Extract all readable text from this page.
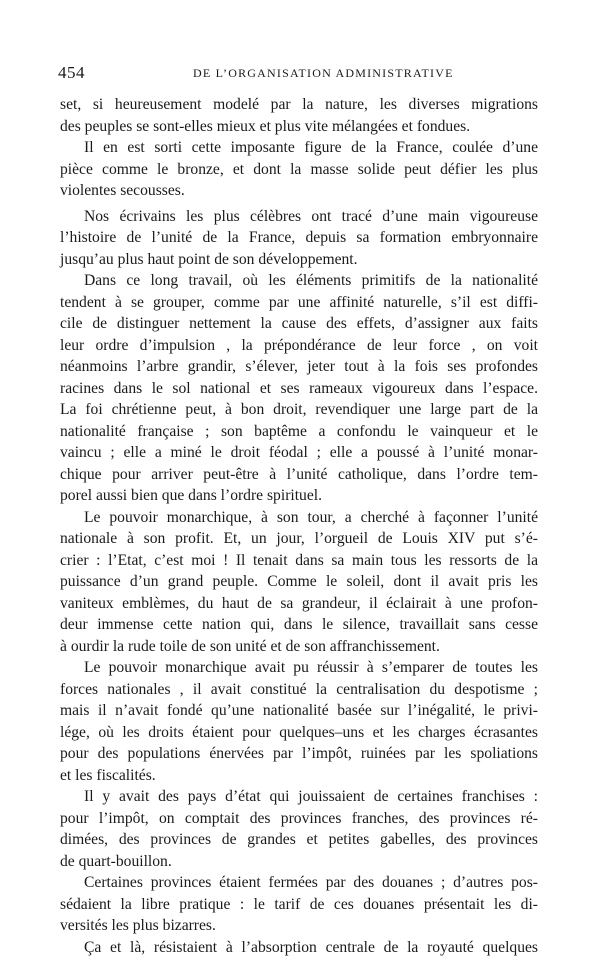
454	DE L’ORGANISATION ADMINISTRATIVE
set, si heureusement modelé par la nature, les diverses migrations
des peuples se sont-elles mieux et plus vite mélangées et fondues.
Il en est sorti cette imposante figure de la France, coulée d’une
pièce comme le bronze, et dont la masse solide peut défier les plus
violentes secousses.
Nos écrivains les plus célèbres ont tracé d’une main vigoureuse
l’histoire de l’unité de la France, depuis sa formation embryonnaire
jusqu’au plus haut point de son développement.
Dans ce long travail, où les éléments primitifs de la nationalité
tendent à se grouper, comme par une affinité naturelle, s’il est diffi-
cile de distinguer nettement la cause des effets, d’assigner aux faits
leur ordre d’impulsion , la prépondérance de leur force , on voit
néanmoins l’arbre grandir, s’élever, jeter tout à la fois ses profondes
racines dans le sol national et ses rameaux vigoureux dans l’espace.
La foi chrétienne peut, à bon droit, revendiquer une large part de la
nationalité française ; son baptême a confondu le vainqueur et le
vaincu ; elle a miné le droit féodal ; elle a poussé à l’unité monar-
chique pour arriver peut-être à l’unité catholique, dans l’ordre tem-
porel aussi bien que dans l’ordre spirituel.
Le pouvoir monarchique, à son tour, a cherché à façonner l’unité
nationale à son profit. Et, un jour, l’orgueil de Louis XIV put s’é-
crier : l’Etat, c’est moi ! Il tenait dans sa main tous les ressorts de la
puissance d’un grand peuple. Comme le soleil, dont il avait pris les
vaniteux emblèmes, du haut de sa grandeur, il éclairait à une profon-
deur immense cette nation qui, dans le silence, travaillait sans cesse
à ourdir la rude toile de son unité et de son affranchissement.
Le pouvoir monarchique avait pu réussir à s’emparer de toutes les
forces nationales , il avait constitué la centralisation du despotisme ;
mais il n’avait fondé qu’une nationalité basée sur l’inégalité, le privi-
lége, où les droits étaient pour quelques–uns et les charges écrasantes
pour des populations énervées par l’impôt, ruinées par les spoliations
et les fiscalités.
Il y avait des pays d’état qui jouissaient de certaines franchises :
pour l’impôt, on comptait des provinces franches, des provinces ré-
dimées, des provinces de grandes et petites gabelles, des provinces
de quart-bouillon.
Certaines provinces étaient fermées par des douanes ; d’autres pos-
sédaient la libre pratique : le tarif de ces douanes présentait les di-
versités les plus bizarres.
Ça et là, résistaient à l’absorption centrale de la royauté quelques
